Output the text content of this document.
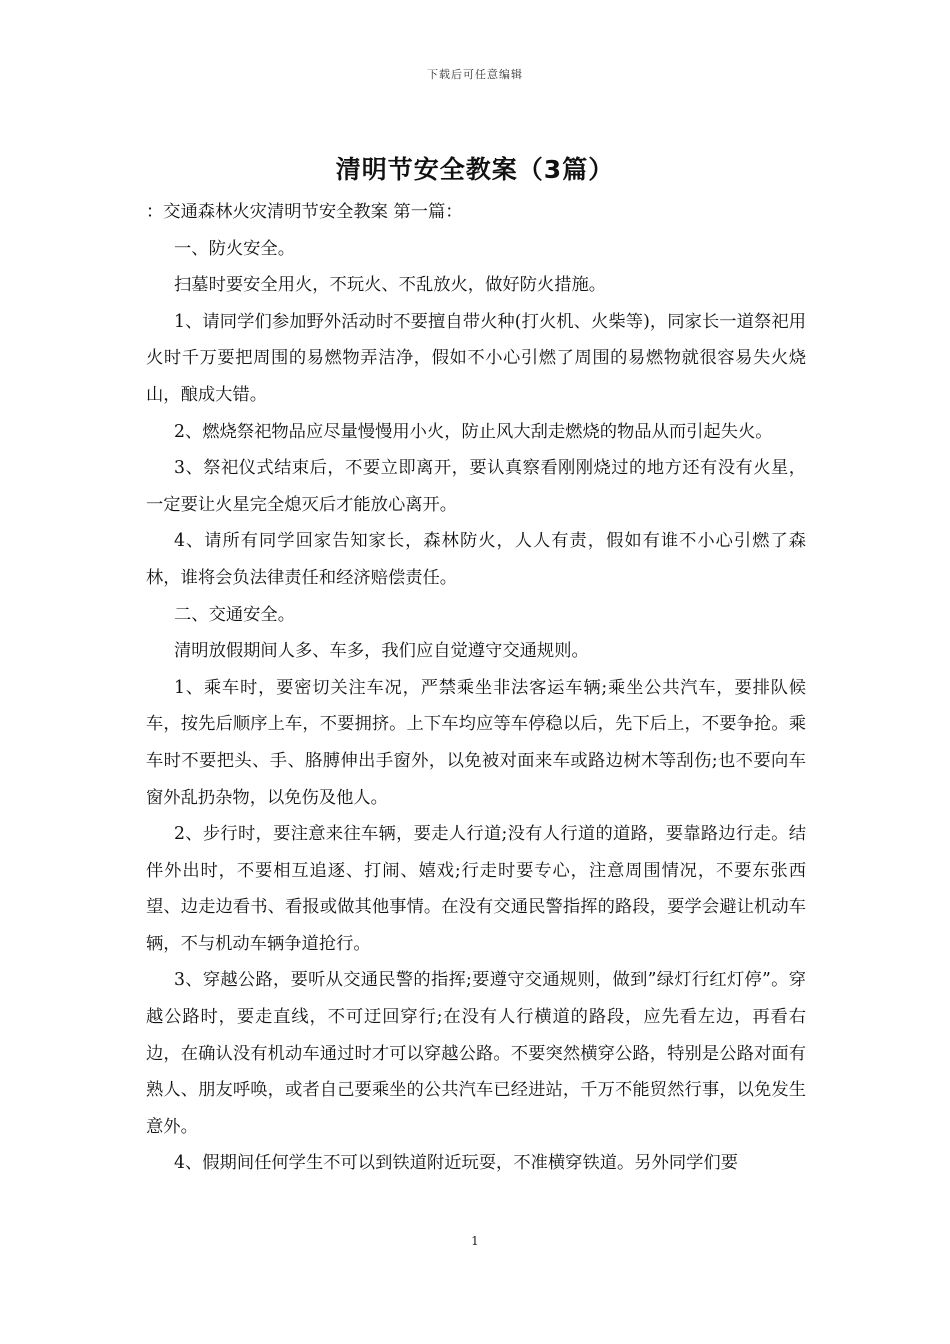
下载后可任意编辑
清明节安全教案（3篇）

：交通森林火灾清明节安全教案 第一篇：

一、防火安全。

扫墓时要安全用火，不玩火、不乱放火，做好防火措施。

1、请同学们参加野外活动时不要擅自带火种(打火机、火柴等)，同家长一道祭祀用火时千万要把周围的易燃物弄洁净，假如不小心引燃了周围的易燃物就很容易失火烧山，酿成大错。

2、燃烧祭祀物品应尽量慢慢用小火，防止风大刮走燃烧的物品从而引起失火。

3、祭祀仪式结束后，不要立即离开，要认真察看刚刚烧过的地方还有没有火星，一定要让火星完全熄灭后才能放心离开。

4、请所有同学回家告知家长，森林防火，人人有责，假如有谁不小心引燃了森林，谁将会负法律责任和经济赔偿责任。

二、交通安全。

清明放假期间人多、车多，我们应自觉遵守交通规则。

1、乘车时，要密切关注车况，严禁乘坐非法客运车辆;乘坐公共汽车，要排队候车，按先后顺序上车，不要拥挤。上下车均应等车停稳以后，先下后上，不要争抢。乘车时不要把头、手、胳膊伸出手窗外，以免被对面来车或路边树木等刮伤;也不要向车窗外乱扔杂物，以免伤及他人。

2、步行时，要注意来往车辆，要走人行道;没有人行道的道路，要靠路边行走。结伴外出时，不要相互追逐、打闹、嬉戏;行走时要专心，注意周围情况，不要东张西望、边走边看书、看报或做其他事情。在没有交通民警指挥的路段，要学会避让机动车辆，不与机动车辆争道抢行。

3、穿越公路，要听从交通民警的指挥;要遵守交通规则，做到”绿灯行红灯停”。穿越公路时，要走直线，不可迂回穿行;在没有人行横道的路段，应先看左边，再看右边，在确认没有机动车通过时才可以穿越公路。不要突然横穿公路，特别是公路对面有熟人、朋友呼唤，或者自己要乘坐的公共汽车已经进站，千万不能贸然行事，以免发生意外。

4、假期间任何学生不可以到铁道附近玩耍，不准横穿铁道。另外同学们要

1
